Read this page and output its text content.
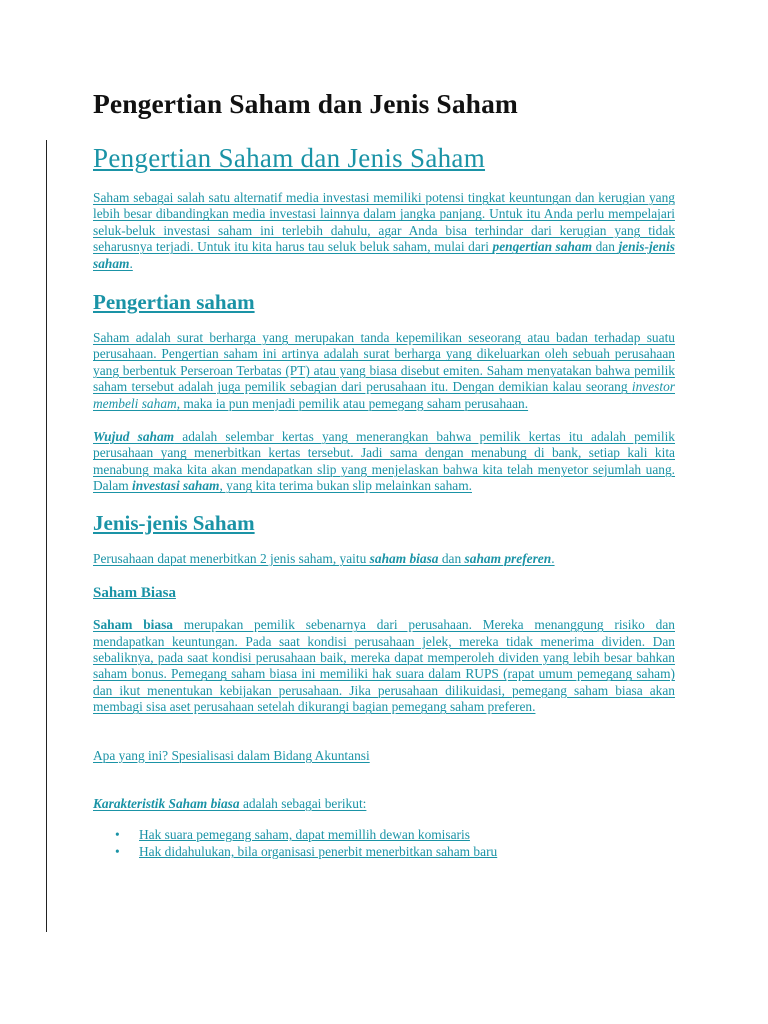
Pengertian Saham dan Jenis Saham
Pengertian Saham dan Jenis Saham

Saham sebagai salah satu alternatif media investasi memiliki potensi tingkat keuntungan dan kerugian yang lebih besar dibandingkan media investasi lainnya dalam jangka panjang. Untuk itu Anda perlu mempelajari seluk-beluk investasi saham ini terlebih dahulu, agar Anda bisa terhindar dari kerugian yang tidak seharusnya terjadi. Untuk itu kita harus tau seluk beluk saham, mulai dari pengertian saham dan jenis-jenis saham.

Pengertian saham

Saham adalah surat berharga yang merupakan tanda kepemilikan seseorang atau badan terhadap suatu perusahaan. Pengertian saham ini artinya adalah surat berharga yang dikeluarkan oleh sebuah perusahaan yang berbentuk Perseroan Terbatas (PT) atau yang biasa disebut emiten. Saham menyatakan bahwa pemilik saham tersebut adalah juga pemilik sebagian dari perusahaan itu. Dengan demikian kalau seorang investor membeli saham, maka ia pun menjadi pemilik atau pemegang saham perusahaan.

Wujud saham adalah selembar kertas yang menerangkan bahwa pemilik kertas itu adalah pemilik perusahaan yang menerbitkan kertas tersebut. Jadi sama dengan menabung di bank, setiap kali kita menabung maka kita akan mendapatkan slip yang menjelaskan bahwa kita telah menyetor sejumlah uang. Dalam investasi saham, yang kita terima bukan slip melainkan saham.

Jenis-jenis Saham

Perusahaan dapat menerbitkan 2 jenis saham, yaitu saham biasa dan saham preferen.

Saham Biasa

Saham biasa merupakan pemilik sebenarnya dari perusahaan. Mereka menanggung risiko dan mendapatkan keuntungan. Pada saat kondisi perusahaan jelek, mereka tidak menerima dividen. Dan sebaliknya, pada saat kondisi perusahaan baik, mereka dapat memperoleh dividen yang lebih besar bahkan saham bonus. Pemegang saham biasa ini memiliki hak suara dalam RUPS (rapat umum pemegang saham) dan ikut menentukan kebijakan perusahaan. Jika perusahaan dilikuidasi, pemegang saham biasa akan membagi sisa aset perusahaan setelah dikurangi bagian pemegang saham preferen.

Apa yang ini? Spesialisasi dalam Bidang Akuntansi

Karakteristik Saham biasa adalah sebagai berikut:

• Hak suara pemegang saham, dapat memillih dewan komisaris
• Hak didahulukan, bila organisasi penerbit menerbitkan saham baru
